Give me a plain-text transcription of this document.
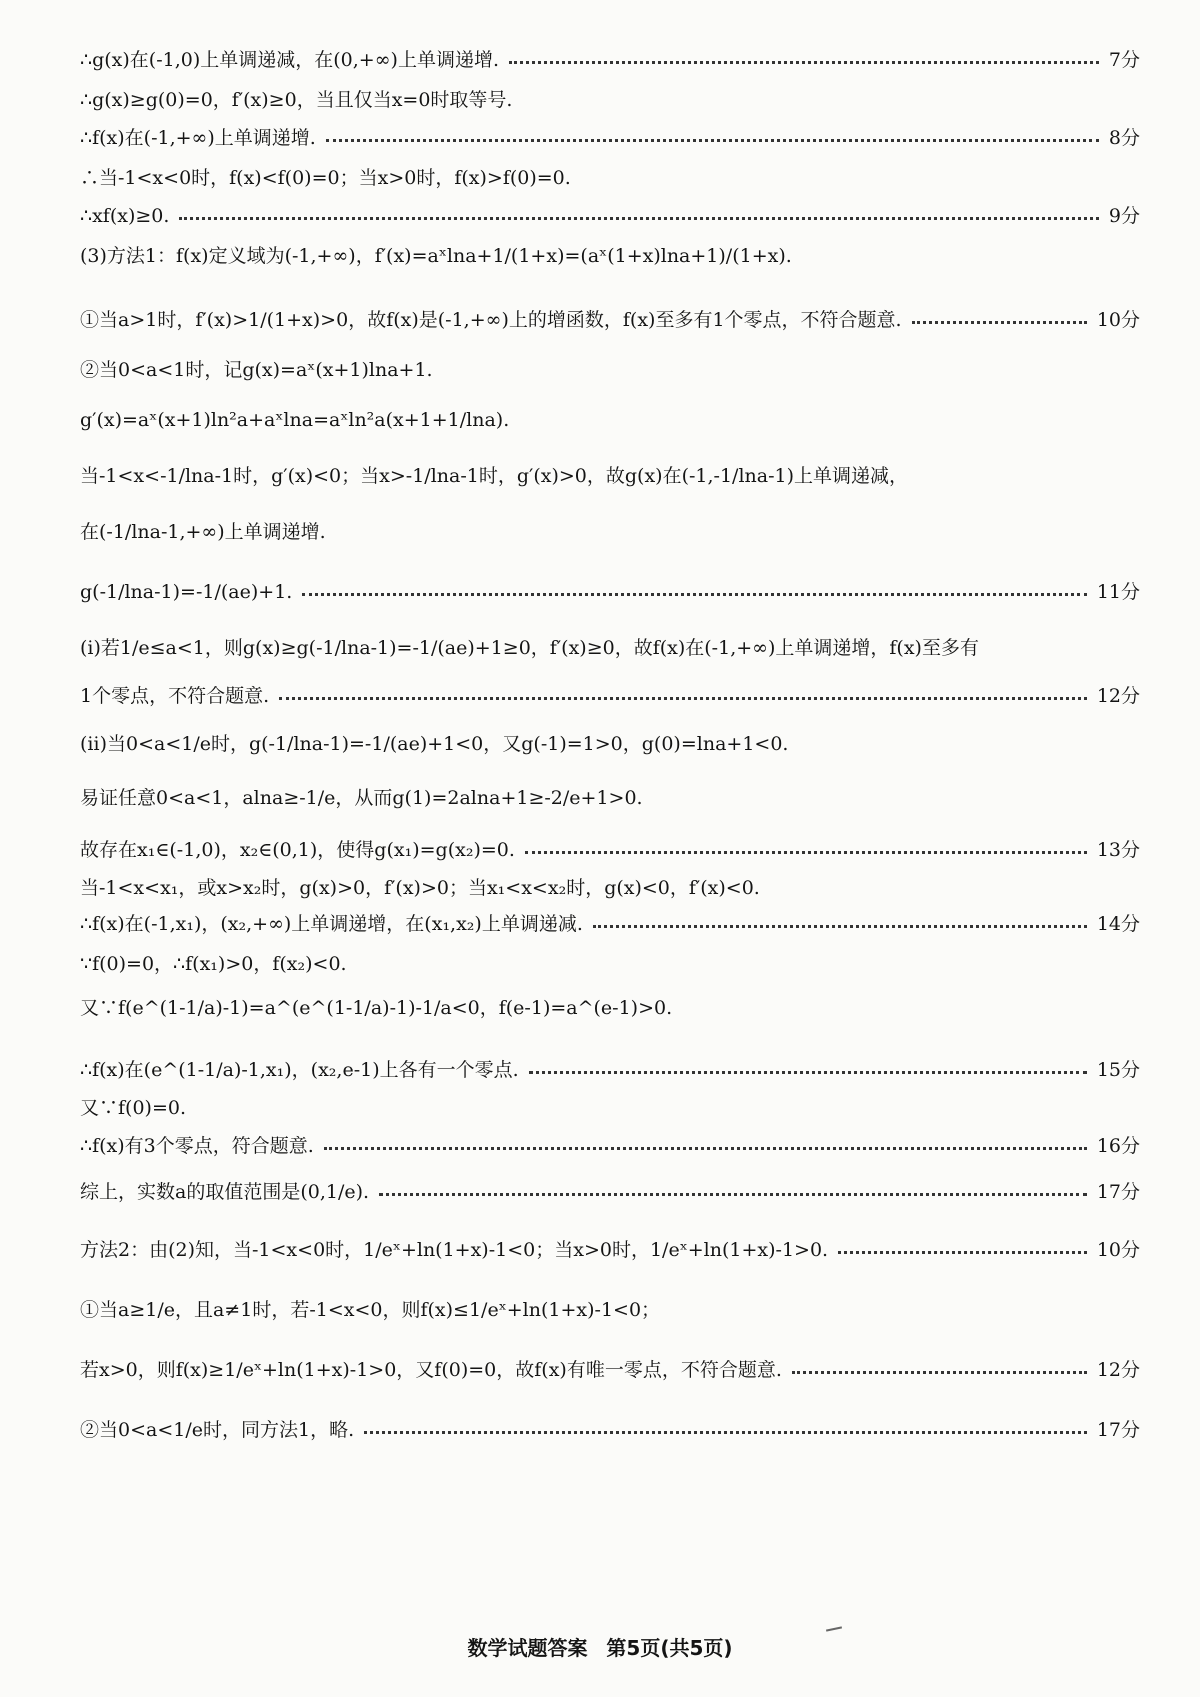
∴g(x)在(-1,0)上单调递减，在(0,+∞)上单调递增.	7分
∴g(x)≥g(0)=0，f′(x)≥0，当且仅当x=0时取等号.
∴f(x)在(-1,+∞)上单调递增.	8分
∴当-1<x<0时，f(x)<f(0)=0；当x>0时，f(x)>f(0)=0.
∴xf(x)≥0.	9分
(3)方法1：f(x)定义域为(-1,+∞)，f′(x)=aˣlna+1/(1+x)=(aˣ(1+x)lna+1)/(1+x).
①当a>1时，f′(x)>1/(1+x)>0，故f(x)是(-1,+∞)上的增函数，f(x)至多有1个零点，不符合题意.	10分
②当0<a<1时，记g(x)=aˣ(x+1)lna+1.
g′(x)=aˣ(x+1)ln²a+aˣlna=aˣln²a(x+1+1/lna).
当-1<x<-1/lna-1时，g′(x)<0；当x>-1/lna-1时，g′(x)>0，故g(x)在(-1,-1/lna-1)上单调递减，
在(-1/lna-1,+∞)上单调递增.
g(-1/lna-1)=-1/(ae)+1.	11分
(ⅰ)若1/e≤a<1，则g(x)≥g(-1/lna-1)=-1/(ae)+1≥0，f′(x)≥0，故f(x)在(-1,+∞)上单调递增，f(x)至多有
1个零点，不符合题意.	12分
(ⅱ)当0<a<1/e时，g(-1/lna-1)=-1/(ae)+1<0，又g(-1)=1>0，g(0)=lna+1<0.
易证任意0<a<1，alna≥-1/e，从而g(1)=2alna+1≥-2/e+1>0.
故存在x₁∈(-1,0)，x₂∈(0,1)，使得g(x₁)=g(x₂)=0.	13分
当-1<x<x₁，或x>x₂时，g(x)>0，f′(x)>0；当x₁<x<x₂时，g(x)<0，f′(x)<0.
∴f(x)在(-1,x₁)，(x₂,+∞)上单调递增，在(x₁,x₂)上单调递减.	14分
∵f(0)=0，∴f(x₁)>0，f(x₂)<0.
又∵f(e^(1-1/a)-1)=a^(e^(1-1/a)-1)-1/a<0，f(e-1)=a^(e-1)>0.
∴f(x)在(e^(1-1/a)-1,x₁)，(x₂,e-1)上各有一个零点.	15分
又∵f(0)=0.
∴f(x)有3个零点，符合题意.	16分
综上，实数a的取值范围是(0,1/e).	17分
方法2：由(2)知，当-1<x<0时，1/eˣ+ln(1+x)-1<0；当x>0时，1/eˣ+ln(1+x)-1>0.	10分
①当a≥1/e，且a≠1时，若-1<x<0，则f(x)≤1/eˣ+ln(1+x)-1<0；
若x>0，则f(x)≥1/eˣ+ln(1+x)-1>0，又f(0)=0，故f(x)有唯一零点，不符合题意.	12分
②当0<a<1/e时，同方法1，略.	17分
数学试题答案 第5页(共5页)
